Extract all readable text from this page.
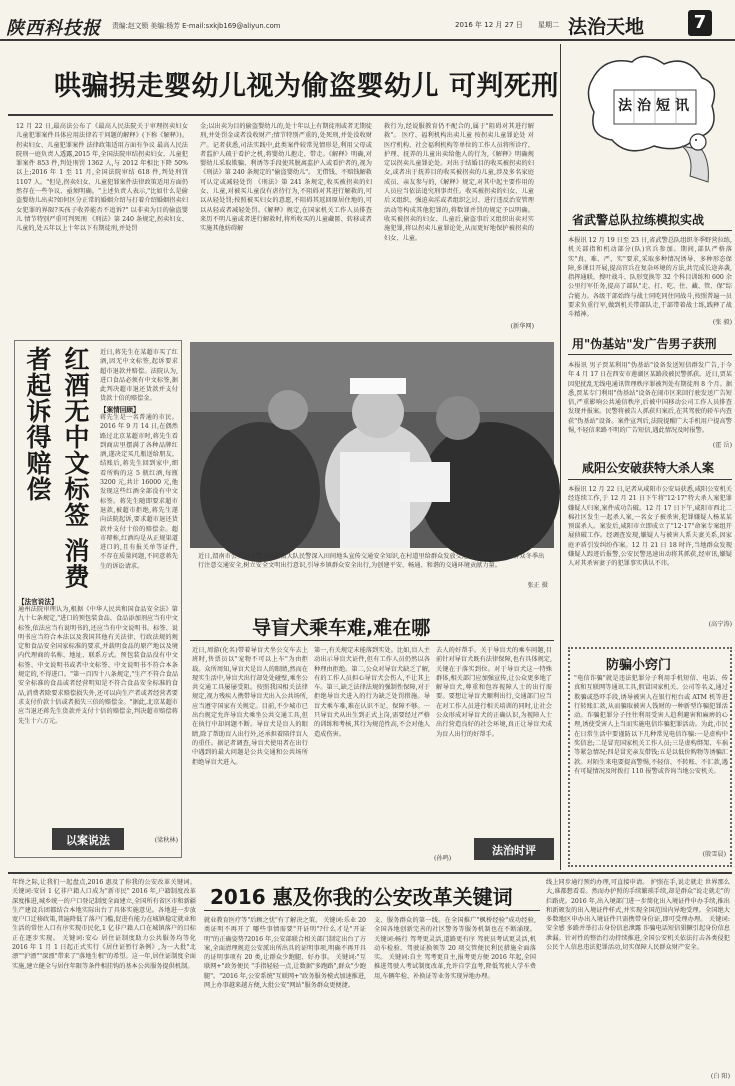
陕西科技报 责编:赵文锁 美编:杨芳 E-mail:sxkjb169@aliyun.com	2016 年 12 月 27 日 星期二 法治天地	7
哄骗拐走婴幼儿视为偷盗婴幼儿 可判死刑
12 月 22 日,最高法公布了《最高人民法院关于审理拐卖妇女儿童犯罪案件具体应用法律若干问题的解释》(下称《解释》)。拐卖妇女、儿童犯罪案件 法律政策适用方面有争议 最高人民法院刑一庭负责人透露,2015 年,全国法院审结拐卖妇女、儿童犯罪案件 853 件,判处刑罚 1362 人,与 2012 年相比下降 50%以上;2016 年 1 至 11 月,全国法院审结 618 件,判处刑罚 1107 人。"但是,拐卖妇女、儿童犯罪案件法律政策适用方面仍然存在一些争议、亟须明确。"上述负责人表示,"比如什么是偷盗婴幼儿出卖?如何区分正常的婚姻介绍与打着介绍婚姻拐卖妇女犯罪的界限?买孩子收养能否不追诉?" 以非卖为目的偷盗婴儿 情节特别严重可判死刑 《刑法》第 240 条规定,拐卖妇女、儿童的,处五年以上十年以下有期徒刑,并处罚
金;以出卖为目的偷盗婴幼儿的,处十年以上有期徒刑或者无期徒刑,并处罚金或者没收财产;情节特别严重的,处死刑,并处没收财产。记者获悉,司法实践中,此类案件较常见情形是,利用父母或者监护人疏于看护之机,将婴幼儿抱走、带走。《解释》明确,对婴幼儿采取欺骗、利诱等手段使其脱离监护人或看护者的,视为《刑法》第 240 条规定的"偷盗婴幼儿"。 无借钱、不赔钱解救 可认定或减轻处罚 《刑法》第 241 条规定,收买被拐卖的妇女、儿童,对被买儿童没有虐待行为,不阻碍对其进行解救的,可以从轻处罚;按照被买妇女的意愿,不阻碍其返回原居住地的,可以从轻或者减轻处罚。《解释》规定,在国家机关工作人员排查来历不明儿童或者进行解救时,将所收买的儿童藏匿、转移或者实施其他妨碍解
救行为,经说服教育仍不配合的,属于"阻碍对其进行解救"。 医疗、福利机构出卖儿童 按拐卖儿童罪论处 对医疗机构、社会福利机构等单位的工作人员将所诊疗、护理、抚养的儿童出卖给他人的行为,《解释》明确规定以拐卖儿童罪论处。对出于结婚目的收买被拐卖的妇女,或者出于抚养目的收买被拐卖的儿童,涉及多名家庭成员、亲友参与的,《解释》规定,对其中起主要作用的人员应当依法追究刑事责任。收买被拐卖的妇女、儿童后又组织、强迫卖淫或者组织乞讨、进行违反治安管理活动等构成其他犯罪的,将数罪并罚的规定予以明确。收买被拐卖的妇女、儿童后,偷盗事后又组织出卖对实施犯罪,将以拐卖儿童罪论处,从而更好地保护被拐卖的妇女、儿童。
(新华网)
法治短讯
省武警总队拉练模拟实战
本报讯 12 月 19 日至 23 日,省武警总队组织冬季野营拉练,机关部指和机动部分(队)官兵参加。期间,部队严格落实"真、难、严、实"要求,采取多种情况诱导、多种形态保障,多课目开展,提高官兵在复杂环境的方法,共完成长途奔袭,指挥通联、搜叶战斗、队形变换等 32 个科目训练和 600 余公里行军任务,提高了部队"走、打、吃、住、藏、管、保"综合能力。各级干部始终与战士同吃同住同战斗,按照普遍一员要求负重行军,做到机关带部队走,干部带着战士练,践释了战斗精神。
(张 毅)
用"伪基站"发广告男子获刑
本报讯 男子贾某利用"伪基站"设备发送短信群发广告,于今年 4 月 17 日在西安市莲湖区某路段被民警抓获。近日,贾某因犯扰乱无线电通讯管理秩序罪被判处有期徒刑 8 个月。据悉,贾某专门利用"伪基站"设备在闹市区来回行驶发送广告短信,严重影响公共通信秩序,后被中国移动公司工作人员排查发现并报案。民警将被告人抓获归案后,在其驾驶的轿车内查获"伪基站"设备。案件宣判后,法院提醒广大手机用户提高警惕,不轻信来路不明的广告短信,遇此情况及时报警。
(霍 岳)
咸阳公安破获特大杀人案
本报讯 12 月 22 日,记者从咸阳市公安局获悉,咸阳公安机关经连续工作,于 12 月 21 日下午将"12·17"特大杀人案犯罪嫌疑人归案,案件成功告破。12 月 17 日下午,咸阳市西北二棉社区发生一起杀人案,一名女子被杀害,犯罪嫌疑人杨某某预谋杀人。案发后,咸阳市立即成立了"12·17"命案专案组开展侦破工作。经调查发现,嫌疑人与被害人系夫妻关系,因家庭矛盾引发纠纷作案。12 月 21 日 18 时许,当地群众发现嫌疑人踪迹后报警,公安民警迅速出动将其抓获,经审讯,嫌疑人对其杀害妻子的犯罪事实供认不讳。
(高宁涛)
防骗小窍门
"电信诈骗"就是违法犯罪分子利用手机短信、电话、传真和互联网等通讯工具,假冒国家机关、公司等名义,通过欺骗或恐吓手段,诱导被害人在银行柜台或 ATM 机等进行转账汇款,从而骗取被害人钱财的一种新型诈骗犯罪活动。诈骗犯罪分子往往利用受害人趋利避害和麻痹的心理,诱使受害人上当而实施电信诈骗犯罪活动。为此,市民在日常生活中要谨防以下几种常见电信诈骗:一是虚构中奖信息;二是冒充国家机关工作人员;三是虚构绑架、车祸等紧急情况;四是冒充亲友借钱;五是以低价购物等诱骗汇款。对陌生来电要提高警惕,不轻信、不转账、不汇款,遇有可疑情况及时拨打 110 报警或咨询当地公安机关。
(殷雪晨)
红酒无中文标签 消费者起诉得赔偿	近日,蒋先生在某超市买了红酒,因无中文标签,起诉要求超市退款并赔偿。法院认为,进口食品必须有中文标签,据此判决超市退还货款并支付货款十倍的赔偿金。
【案情回顾】
蒋先生是一名普通的市民。2016 年 9 月 14 日,在偶然路过北京某超市时,蒋先生看到商店里摆满了各种品牌红酒,遂决定买几瓶送给朋友。结账后,蒋先生回到家中,细看所购的这 5 瓶红酒,每瓶 3200 元,共计 16000 元,他发现这些红酒全部没有中文标签。蒋先生随即要求超市退款,被超市拒绝,蒋先生遂向法院起诉,要求超市退还货款并支付十倍的赔偿金。超市辩称,红酒均是从正规渠道进口的,且有报关单等证件,不存在质量问题,不同意蒋先生的诉讼请求。
【法官说法】
通州法院审理认为,根据《中华人民共和国食品安全法》第九十七条规定,"进口的预包装食品、食品添加剂应当有中文标签,依法应当有说明书的,还应当有中文说明书。标签、说明书应当符合本法以及我国其他有关法律、行政法规的规定和食品安全国家标准的要求,并载明食品的原产地以及境内代理商的名称、地址、联系方式。预包装食品没有中文标签、中文说明书或者中文标签、中文说明书不符合本条规定的,不得进口。"第一百四十八条规定,"生产不符合食品安全标准的食品或者经营明知是不符合食品安全标准的食品,消费者除要求赔偿损失外,还可以向生产者或者经营者要求支付价款十倍或者损失三倍的赔偿金。"据此,北京某超市应当退还蒋先生货款并支付十倍的赔偿金,判决超市赔偿蒋先生十六万元。
(梁秋林)
以案说法
近日,渭南市公安局交警支队临渭大队民警深入田间地头宣传交通安全知识,在村道里给群众发放交通安全宣传单,提醒群众冬季出行注意交通安全,树立安全文明出行意识,引导乡镇群众安全出行,为创建平安、畅通、和谐的交通环境贡献力量。
张正 摄
导盲犬乘车难,难在哪
近日,周游(化名)带着导盲犬坐公交车去上班时,售票员以"宠物不可以上车"为由拒载。众所周知,导盲犬是盲人的眼睛,然而在现实生活中,导盲犬出行却处处碰壁,乘坐公共交通工具屡屡受阻。按照我国相关法律规定,视力残疾人携带导盲犬出入公共场所,应当遵守国家有关规定。目前,不少城市已出台规定允许导盲犬乘坐公共交通工具,但在执行中却问题不断。导盲犬是盲人的眼睛,除了帮助盲人出行外,还承担着陪伴盲人的重任。据记者调查,导盲犬使用者在出行中遇到的最大问题是公共交通和公共场所拒绝导盲犬进入。
第一,有关规定未能落到实处。比如,盲人主动出示导盲犬证件,但有工作人员仍然以各种理由拒绝。第二,公众对导盲犬缺乏了解,有的工作人员担心导盲犬会伤人,不让其上车。第三,缺乏法律法规的强制性保障,对于拒绝导盲犬进入的行为缺乏处罚措施。导盲犬乘车难,难在认识不足、保障不够。一只导盲犬从出生到正式上岗,需要经过严格的训练和考核,其行为规范性高,不会对他人造成伤害。
去人的好帮手。关于导盲犬的乘车问题,目前针对导盲犬既有法律保障,也有具体规定,关键在于落实到位。对于导盲犬这一特殊群体,相关部门应加强宣传,让公众更多地了解导盲犬,尊重和包容视障人士的出行需要。要想让导盲犬顺利出行,交通部门应当在对工作人员进行相关培训的同时,让社会公众形成对导盲犬的正确认识,为视障人士出行营造良好的社会环境,真正让导盲犬成为盲人出行的好帮手。
(孙鸣)
法治时评
年终之际,让我们一起盘点,2016 惠及了你我的公安改革关键词。 关键词:安居 1 亿非户籍人口成为"新市民" 2016 年,户籍制度改革深度推进,城乡统一的户口登记制度全面建立,全国所有省区市和新疆生产建设兵团都结合本地实际出台了具体实施意见。各地进一步放宽户口迁移政策,普遍降低了落户门槛,促进有能力在城镇稳定就业和生活的常住人口有序实现市民化,1 亿非户籍人口在城镇落户的目标正在逐步实现。 关键词:安心 居住证制度助力公共服务均等化 2016 年 1 月 1 日起正式实行《居住证暂行条例》,为一大批"北漂""沪漂""深漂"带来了"落地生根"的希望。这一年,居住证制度全面实施,建立健全与居住年限等条件相挂钩的基本公共服务提供机制。
2016 惠及你我的公安改革关键词
就业教育医疗等"后顾之忧"有了解决之策。 关键词:乐业 20 类证明不再开了 哪些事情需要"开证明"?什么才是"开证明"的正确姿势?2016 年,公安部联合相关部门制定出台了方案,全面清理规范公安派出所出具的证明事项,明确不再开具的证明事项有 20 类,让群众少跑腿、好办事。 关键词:"互联网+"政务便民 "手指轻轻一点,让数据"多跑路",群众"少跑腿"。"2016 年,公安系统"互联网+"政务服务模式加速推进,网上办事越来越方便,大批公安"网站"服务群众更便捷。
支、服务群众的第一线。在全国推广"枫桥经验"成功经验,全国各地创新完善的社区警务等服务机制也在不断涌现。 关键词:畅行 驾考更灵活,道路更有序 驾驶员考试更灵活,机动车检验、驾驶证换领等 20 项交管便民利民措施全面落实。 关键词:自主 驾考更自主,报考更方便 2016 年起,全国推进驾驶人考试制度改革,允许自学直考,降低驾驶人学车费用,车辆年检、补换证等业务实现异地办理。
线上同步通行预约办理,可直接申请。 护照在手,说走就走 世界那么大,谁都想看看。然而办护照的手续繁琐手续,却是群众"说走就走"的拦路虎。2016 年,出入境部门进一步简化出入境证件申办手续,推出和新颁发的出入境证件样式,并实现全国范围内异地受理。全国绝大多数地区申办出入境证件只需携带身份证,即可受理办理。 关键词:安全感 多路并举打击身份信息泄露 诈骗电话短信猖獗引起身份信息泄漏。针对性的整治行动持续推进,全国公安机关依法打击各类侵犯公民个人信息违法犯罪活动,切实保障人民群众财产安全。
(白 阳)
